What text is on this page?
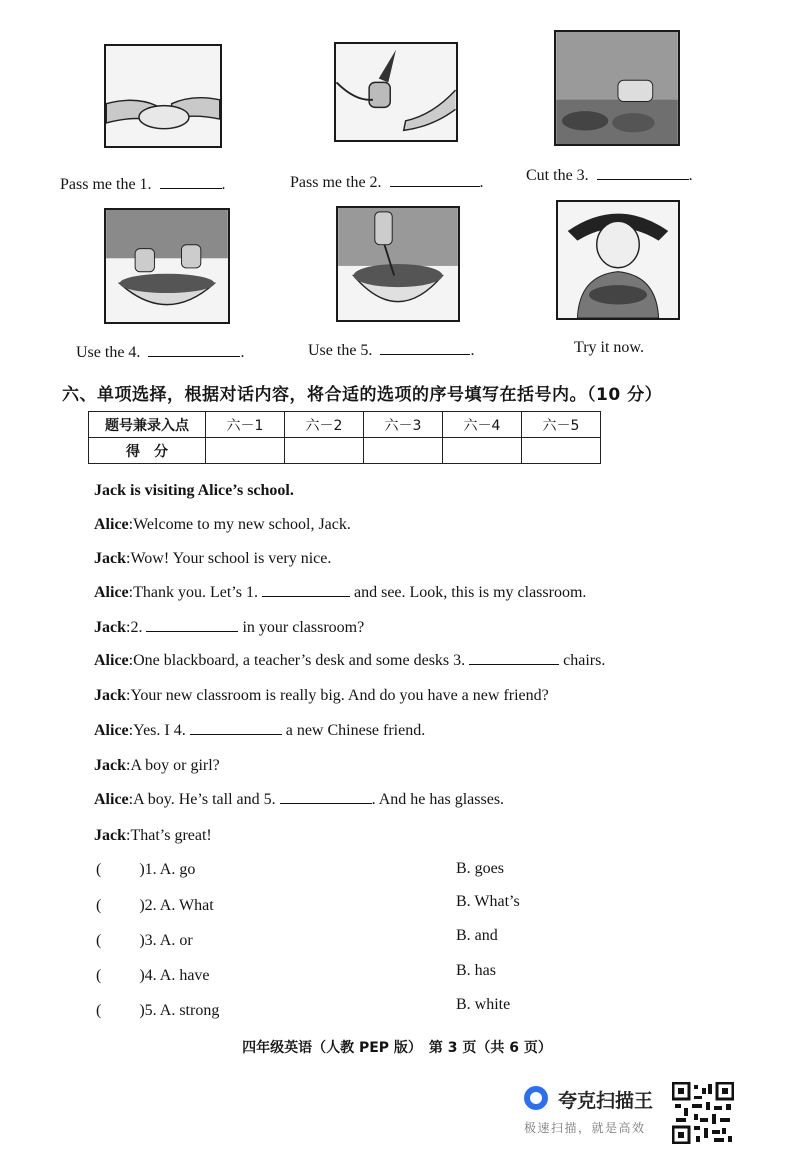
Pass me the 1.	.	Pass me the 2.	.	Cut the 3.	.
Use the 4.	.	Use the 5.	.	Try it now.
六、单项选择，根据对话内容，将合适的选项的序号填写在括号内。（10 分）
题号兼录入点	六－1	六－2	六－3	六－4	六－5
得　分					
Jack is visiting Alice’s school.
Alice:Welcome to my new school, Jack.
Jack:Wow! Your school is very nice.
Alice:Thank you. Let’s 1.	and see. Look, this is my classroom.
Jack:2.	in your classroom?
Alice:One blackboard, a teacher’s desk and some desks 3.	chairs.
Jack:Your new classroom is really big. And do you have a new friend?
Alice:Yes. I 4.	a new Chinese friend.
Jack:A boy or girl?
Alice:A boy. He’s tall and 5.	. And he has glasses.
Jack:That’s great!
( )1. A. go	B. goes
( )2. A. What	B. What’s
( )3. A. or	B. and
( )4. A. have	B. has
( )5. A. strong	B. white
四年级英语（人教 PEP 版）　第 3 页（共 6 页）
夸克扫描王
极速扫描，就是高效
